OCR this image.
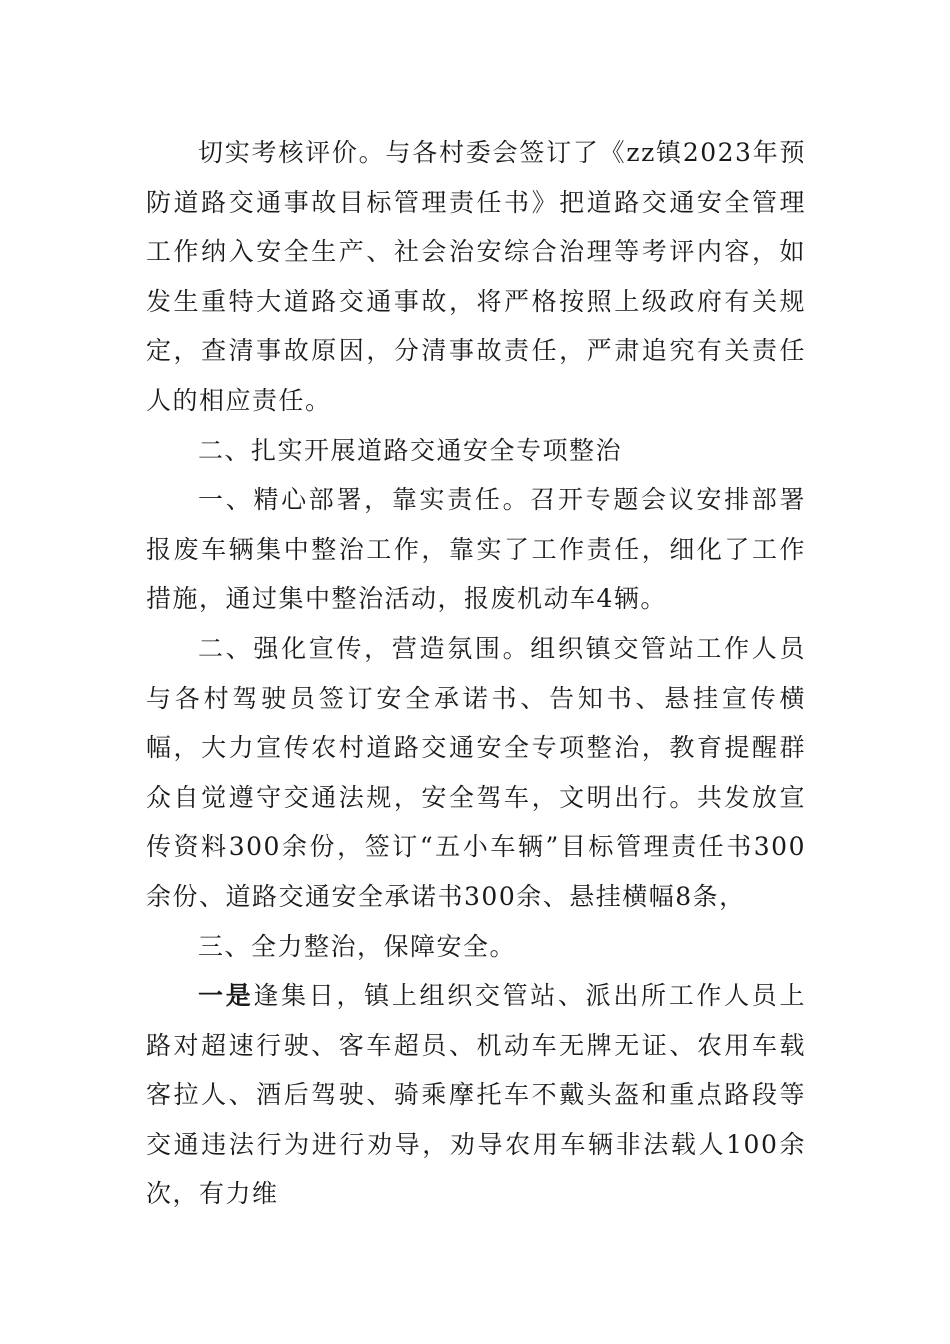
切实考核评价。与各村委会签订了《zz镇2023年预防道路交通事故目标管理责任书》把道路交通安全管理工作纳入安全生产、社会治安综合治理等考评内容，如发生重特大道路交通事故，将严格按照上级政府有关规定，查清事故原因，分清事故责任，严肃追究有关责任人的相应责任。

二、扎实开展道路交通安全专项整治

一、精心部署，靠实责任。召开专题会议安排部署报废车辆集中整治工作，靠实了工作责任，细化了工作措施，通过集中整治活动，报废机动车4辆。

二、强化宣传，营造氛围。组织镇交管站工作人员与各村驾驶员签订安全承诺书、告知书、悬挂宣传横幅，大力宣传农村道路交通安全专项整治，教育提醒群众自觉遵守交通法规，安全驾车，文明出行。共发放宣传资料300余份，签订“五小车辆”目标管理责任书300余份、道路交通安全承诺书300余、悬挂横幅8条，

三、全力整治，保障安全。

一是逢集日，镇上组织交管站、派出所工作人员上路对超速行驶、客车超员、机动车无牌无证、农用车载客拉人、酒后驾驶、骑乘摩托车不戴头盔和重点路段等交通违法行为进行劝导，劝导农用车辆非法载人100余次，有力维
